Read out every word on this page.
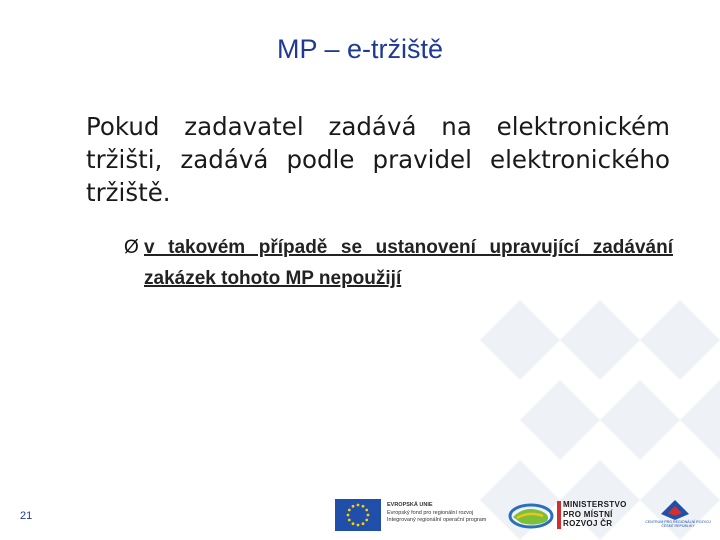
MP – e-tržiště
Pokud zadavatel zadává na elektronickém tržišti, zadává podle pravidel elektronického tržiště.
Ø v takovém případě se ustanovení upravující zadávání zakázek tohoto MP nepoužijí
21
EVROPSKÁ UNIE
Evropský fond pro regionální rozvoj
Integrovaný regionální operační program
MINISTERSTVO
PRO MÍSTNÍ
ROZVOJ ČR	CENTRUM PRO REGIONÁLNÍ ROZVOJ
ČESKÉ REPUBLIKY
